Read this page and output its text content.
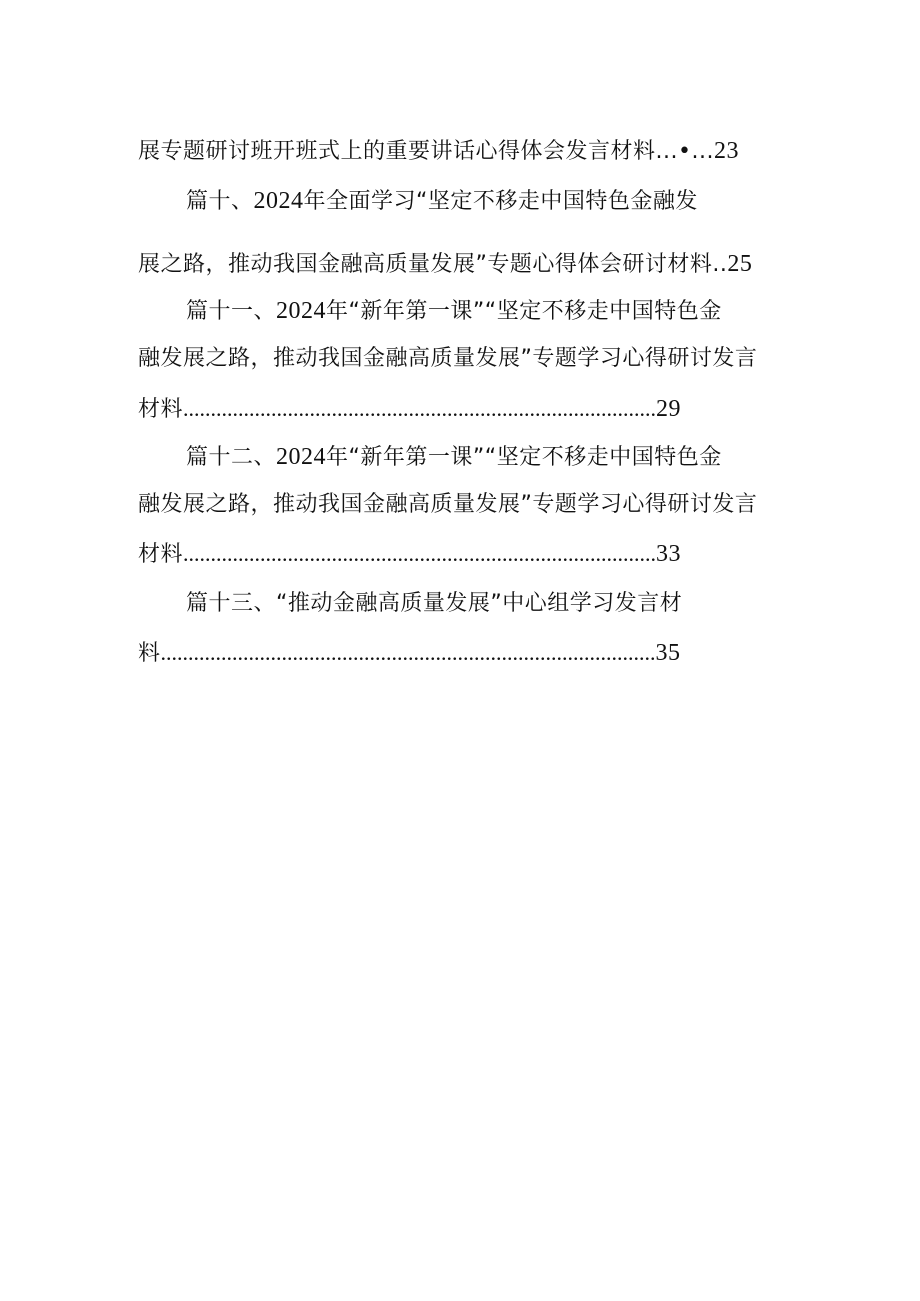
展专题研讨班开班式上的重要讲话心得体会发言材料...•...23
篇十、2024年全面学习“坚定不移走中国特色金融发
展之路，推动我国金融高质量发展”专题心得体会研讨材料..25
篇十一、2024年“新年第一课”“坚定不移走中国特色金
融发展之路，推动我国金融高质量发展”专题学习心得研讨发言
材料......................................................................................29
篇十二、2024年“新年第一课”“坚定不移走中国特色金
融发展之路，推动我国金融高质量发展”专题学习心得研讨发言
材料......................................................................................33
篇十三、“推动金融高质量发展”中心组学习发言材
料..........................................................................................35
